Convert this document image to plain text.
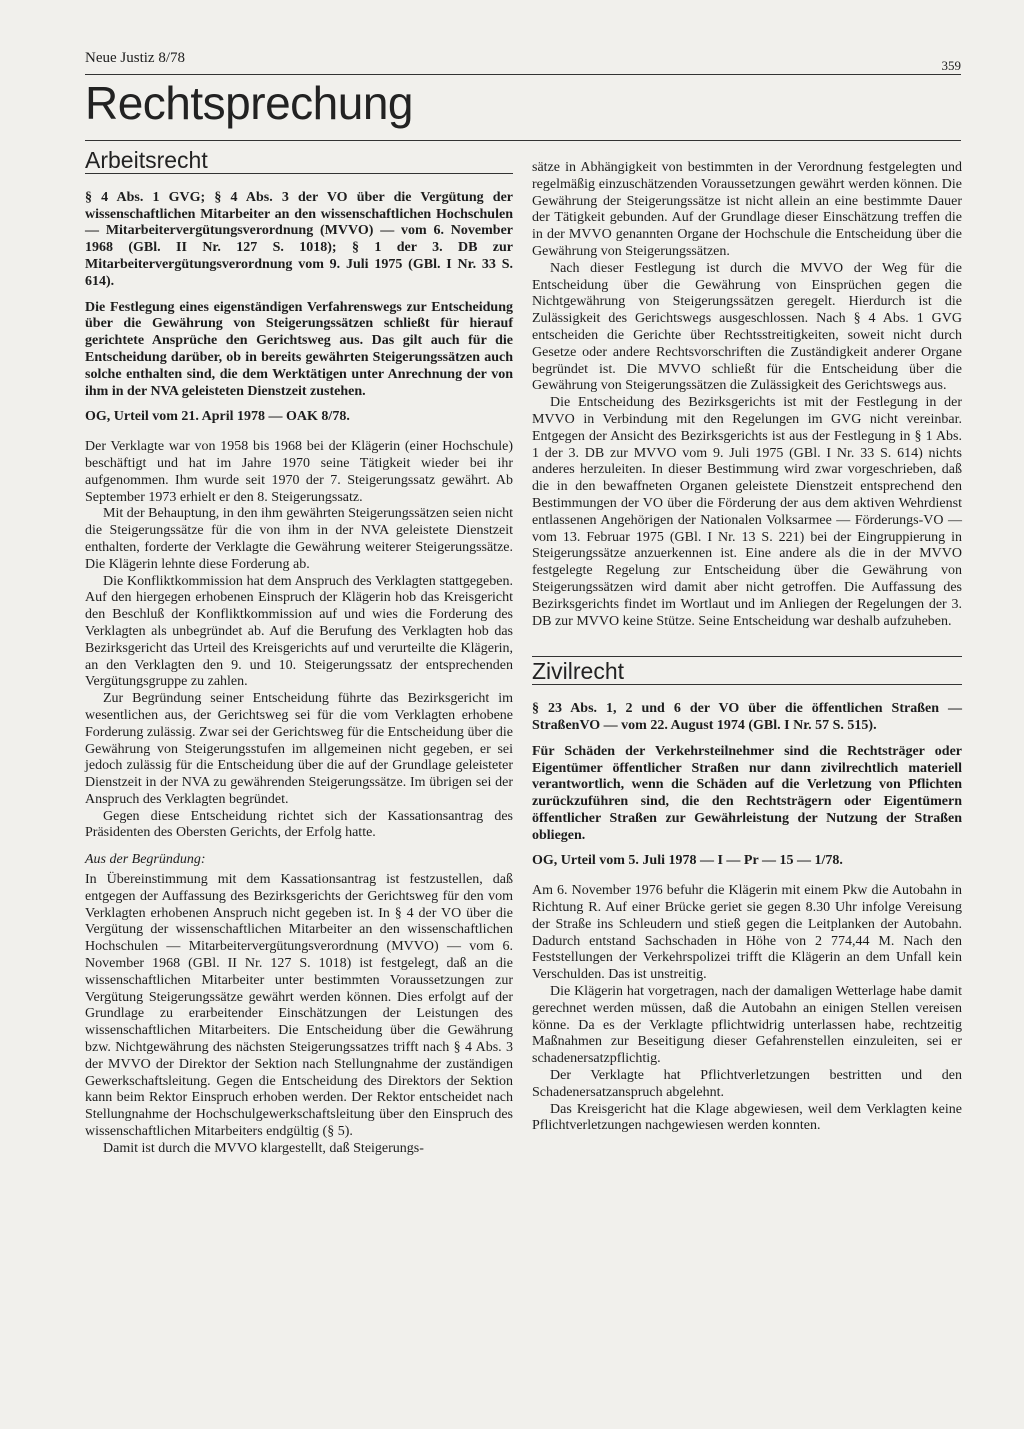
Neue Justiz 8/78	359
Rechtsprechung
Arbeitsrecht

§ 4 Abs. 1 GVG; § 4 Abs. 3 der VO über die Vergütung der wissenschaftlichen Mitarbeiter an den wissenschaftlichen Hochschulen — Mitarbeitervergütungsverordnung (MVVO) — vom 6. November 1968 (GBl. II Nr. 127 S. 1018); § 1 der 3. DB zur Mitarbeitervergütungsverordnung vom 9. Juli 1975 (GBl. I Nr. 33 S. 614).

Die Festlegung eines eigenständigen Verfahrenswegs zur Entscheidung über die Gewährung von Steigerungssätzen schließt für hierauf gerichtete Ansprüche den Gerichtsweg aus. Das gilt auch für die Entscheidung darüber, ob in bereits gewährten Steigerungssätzen auch solche enthalten sind, die dem Werktätigen unter Anrechnung der von ihm in der NVA geleisteten Dienstzeit zustehen.

OG, Urteil vom 21. April 1978 — OAK 8/78.

Der Verklagte war von 1958 bis 1968 bei der Klägerin (einer Hochschule) beschäftigt und hat im Jahre 1970 seine Tätigkeit wieder bei ihr aufgenommen. Ihm wurde seit 1970 der 7. Steigerungssatz gewährt. Ab September 1973 erhielt er den 8. Steigerungssatz.

Mit der Behauptung, in den ihm gewährten Steigerungssätzen seien nicht die Steigerungssätze für die von ihm in der NVA geleistete Dienstzeit enthalten, forderte der Verklagte die Gewährung weiterer Steigerungssätze. Die Klägerin lehnte diese Forderung ab.

Die Konfliktkommission hat dem Anspruch des Verklagten stattgegeben. Auf den hiergegen erhobenen Einspruch der Klägerin hob das Kreisgericht den Beschluß der Konfliktkommission auf und wies die Forderung des Verklagten als unbegründet ab. Auf die Berufung des Verklagten hob das Bezirksgericht das Urteil des Kreisgerichts auf und verurteilte die Klägerin, an den Verklagten den 9. und 10. Steigerungssatz der entsprechenden Vergütungsgruppe zu zahlen.

Zur Begründung seiner Entscheidung führte das Bezirksgericht im wesentlichen aus, der Gerichtsweg sei für die vom Verklagten erhobene Forderung zulässig. Zwar sei der Gerichtsweg für die Entscheidung über die Gewährung von Steigerungsstufen im allgemeinen nicht gegeben, er sei jedoch zulässig für die Entscheidung über die auf der Grundlage geleisteter Dienstzeit in der NVA zu gewährenden Steigerungssätze. Im übrigen sei der Anspruch des Verklagten begründet.

Gegen diese Entscheidung richtet sich der Kassationsantrag des Präsidenten des Obersten Gerichts, der Erfolg hatte.

Aus der Begründung:

In Übereinstimmung mit dem Kassationsantrag ist festzustellen, daß entgegen der Auffassung des Bezirksgerichts der Gerichtsweg für den vom Verklagten erhobenen Anspruch nicht gegeben ist. In § 4 der VO über die Vergütung der wissenschaftlichen Mitarbeiter an den wissenschaftlichen Hochschulen — Mitarbeitervergütungsverordnung (MVVO) — vom 6. November 1968 (GBl. II Nr. 127 S. 1018) ist festgelegt, daß an die wissenschaftlichen Mitarbeiter unter bestimmten Voraussetzungen zur Vergütung Steigerungssätze gewährt werden können. Dies erfolgt auf der Grundlage zu erarbeitender Einschätzungen der Leistungen des wissenschaftlichen Mitarbeiters. Die Entscheidung über die Gewährung bzw. Nichtgewährung des nächsten Steigerungssatzes trifft nach § 4 Abs. 3 der MVVO der Direktor der Sektion nach Stellungnahme der zuständigen Gewerkschaftsleitung. Gegen die Entscheidung des Direktors der Sektion kann beim Rektor Einspruch erhoben werden. Der Rektor entscheidet nach Stellungnahme der Hochschulgewerkschaftsleitung über den Einspruch des wissenschaftlichen Mitarbeiters endgültig (§ 5).

Damit ist durch die MVVO klargestellt, daß Steigerungs-

sätze in Abhängigkeit von bestimmten in der Verordnung festgelegten und regelmäßig einzuschätzenden Voraussetzungen gewährt werden können. Die Gewährung der Steigerungssätze ist nicht allein an eine bestimmte Dauer der Tätigkeit gebunden. Auf der Grundlage dieser Einschätzung treffen die in der MVVO genannten Organe der Hochschule die Entscheidung über die Gewährung von Steigerungssätzen.

Nach dieser Festlegung ist durch die MVVO der Weg für die Entscheidung über die Gewährung von Einsprüchen gegen die Nichtgewährung von Steigerungssätzen geregelt. Hierdurch ist die Zulässigkeit des Gerichtswegs ausgeschlossen. Nach § 4 Abs. 1 GVG entscheiden die Gerichte über Rechtsstreitigkeiten, soweit nicht durch Gesetze oder andere Rechtsvorschriften die Zuständigkeit anderer Organe begründet ist. Die MVVO schließt für die Entscheidung über die Gewährung von Steigerungssätzen die Zulässigkeit des Gerichtswegs aus.

Die Entscheidung des Bezirksgerichts ist mit der Festlegung in der MVVO in Verbindung mit den Regelungen im GVG nicht vereinbar. Entgegen der Ansicht des Bezirksgerichts ist aus der Festlegung in § 1 Abs. 1 der 3. DB zur MVVO vom 9. Juli 1975 (GBl. I Nr. 33 S. 614) nichts anderes herzuleiten. In dieser Bestimmung wird zwar vorgeschrieben, daß die in den bewaffneten Organen geleistete Dienstzeit entsprechend den Bestimmungen der VO über die Förderung der aus dem aktiven Wehrdienst entlassenen Angehörigen der Nationalen Volksarmee — Förderungs-VO — vom 13. Februar 1975 (GBl. I Nr. 13 S. 221) bei der Eingruppierung in Steigerungssätze anzuerkennen ist. Eine andere als die in der MVVO festgelegte Regelung zur Entscheidung über die Gewährung von Steigerungssätzen wird damit aber nicht getroffen. Die Auffassung des Bezirksgerichts findet im Wortlaut und im Anliegen der Regelungen der 3. DB zur MVVO keine Stütze. Seine Entscheidung war deshalb aufzuheben.

Zivilrecht

§ 23 Abs. 1, 2 und 6 der VO über die öffentlichen Straßen — StraßenVO — vom 22. August 1974 (GBl. I Nr. 57 S. 515).

Für Schäden der Verkehrsteilnehmer sind die Rechtsträger oder Eigentümer öffentlicher Straßen nur dann zivilrechtlich materiell verantwortlich, wenn die Schäden auf die Verletzung von Pflichten zurückzuführen sind, die den Rechtsträgern oder Eigentümern öffentlicher Straßen zur Gewährleistung der Nutzung der Straßen obliegen.

OG, Urteil vom 5. Juli 1978 — I — Pr — 15 — 1/78.

Am 6. November 1976 befuhr die Klägerin mit einem Pkw die Autobahn in Richtung R. Auf einer Brücke geriet sie gegen 8.30 Uhr infolge Vereisung der Straße ins Schleudern und stieß gegen die Leitplanken der Autobahn. Dadurch entstand Sachschaden in Höhe von 2 774,44 M. Nach den Feststellungen der Verkehrspolizei trifft die Klägerin an dem Unfall kein Verschulden. Das ist unstreitig.

Die Klägerin hat vorgetragen, nach der damaligen Wetterlage habe damit gerechnet werden müssen, daß die Autobahn an einigen Stellen vereisen könne. Da es der Verklagte pflichtwidrig unterlassen habe, rechtzeitig Maßnahmen zur Beseitigung dieser Gefahrenstellen einzuleiten, sei er schadenersatzpflichtig.

Der Verklagte hat Pflichtverletzungen bestritten und den Schadenersatzanspruch abgelehnt.

Das Kreisgericht hat die Klage abgewiesen, weil dem Verklagten keine Pflichtverletzungen nachgewiesen werden konnten.
